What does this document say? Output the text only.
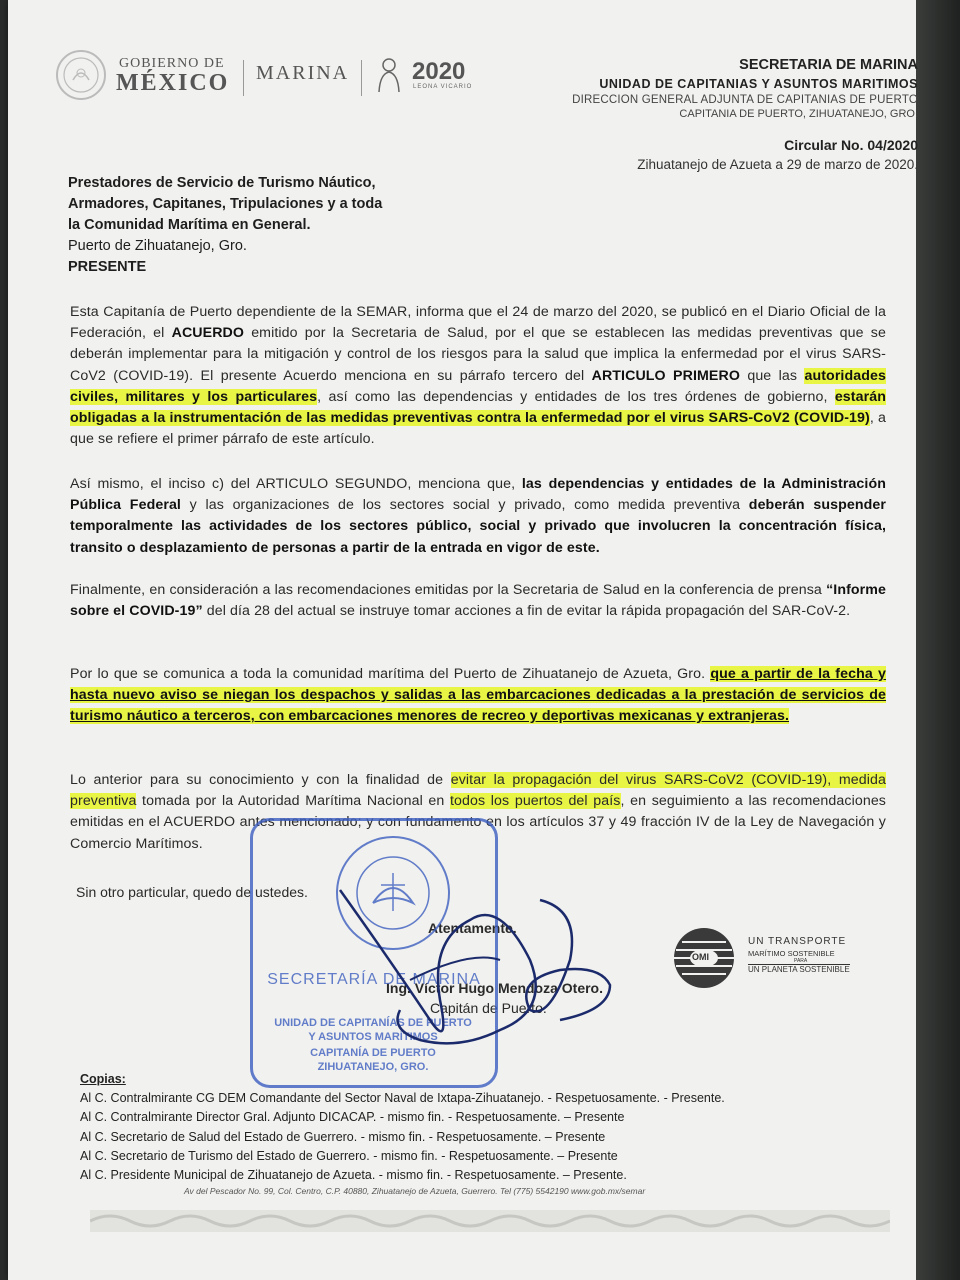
GOBIERNO DE
MÉXICO MARINA	2020
LEONA VICARIO
SECRETARIA DE MARINA
UNIDAD DE CAPITANIAS Y ASUNTOS MARITIMOS
DIRECCION GENERAL ADJUNTA DE CAPITANIAS DE PUERTO
CAPITANIA DE PUERTO, ZIHUATANEJO, GRO.
Circular No. 04/2020
Zihuatanejo de Azueta a 29 de marzo de 2020.
Prestadores de Servicio de Turismo Náutico,
Armadores, Capitanes, Tripulaciones y a toda
la Comunidad Marítima en General.
Puerto de Zihuatanejo, Gro.
PRESENTE
Esta Capitanía de Puerto dependiente de la SEMAR, informa que el 24 de marzo del 2020, se publicó en el Diario Oficial de la Federación, el ACUERDO emitido por la Secretaria de Salud, por el que se establecen las medidas preventivas que se deberán implementar para la mitigación y control de los riesgos para la salud que implica la enfermedad por el virus SARS-CoV2 (COVID-19). El presente Acuerdo menciona en su párrafo tercero del ARTICULO PRIMERO que las autoridades civiles, militares y los particulares, así como las dependencias y entidades de los tres órdenes de gobierno, estarán obligadas a la instrumentación de las medidas preventivas contra la enfermedad por el virus SARS-CoV2 (COVID-19), a que se refiere el primer párrafo de este artículo.
Así mismo, el inciso c) del ARTICULO SEGUNDO, menciona que, las dependencias y entidades de la Administración Pública Federal y las organizaciones de los sectores social y privado, como medida preventiva deberán suspender temporalmente las actividades de los sectores público, social y privado que involucren la concentración física, transito o desplazamiento de personas a partir de la entrada en vigor de este.
Finalmente, en consideración a las recomendaciones emitidas por la Secretaria de Salud en la conferencia de prensa “Informe sobre el COVID-19” del día 28 del actual se instruye tomar acciones a fin de evitar la rápida propagación del SAR-CoV-2.
Por lo que se comunica a toda la comunidad marítima del Puerto de Zihuatanejo de Azueta, Gro. que a partir de la fecha y hasta nuevo aviso se niegan los despachos y salidas a las embarcaciones dedicadas a la prestación de servicios de turismo náutico a terceros, con embarcaciones menores de recreo y deportivas mexicanas y extranjeras.
Lo anterior para su conocimiento y con la finalidad de evitar la propagación del virus SARS-CoV2 (COVID-19), medida preventiva tomada por la Autoridad Marítima Nacional en todos los puertos del país, en seguimiento a las recomendaciones emitidas en el ACUERDO antes mencionado; y con fundamento en los artículos 37 y 49 fracción IV de la Ley de Navegación y Comercio Marítimos.
Sin otro particular, quedo de ustedes.
Atentamente.
Ing. Víctor Hugo Mendoza Otero.
Capitán de Puerto.
SECRETARÍA DE MARINA
UNIDAD DE CAPITANÍAS DE PUERTO
Y ASUNTOS MARÍTIMOS
CAPITANÍA DE PUERTO
ZIHUATANEJO, GRO.
OMI
UN TRANSPORTE
MARÍTIMO SOSTENIBLE
PARA
UN PLANETA SOSTENIBLE
Copias:
Al C. Contralmirante CG DEM Comandante del Sector Naval de Ixtapa-Zihuatanejo. - Respetuosamente. - Presente.
Al C. Contralmirante Director Gral. Adjunto DICACAP. - mismo fin. - Respetuosamente. – Presente
Al C. Secretario de Salud del Estado de Guerrero. - mismo fin. - Respetuosamente. – Presente
Al C. Secretario de Turismo del Estado de Guerrero. - mismo fin. - Respetuosamente. – Presente
Al C. Presidente Municipal de Zihuatanejo de Azueta. - mismo fin. - Respetuosamente. – Presente.
Av del Pescador No. 99, Col. Centro, C.P. 40880, Zihuatanejo de Azueta, Guerrero. Tel (775) 5542190 www.gob.mx/semar
